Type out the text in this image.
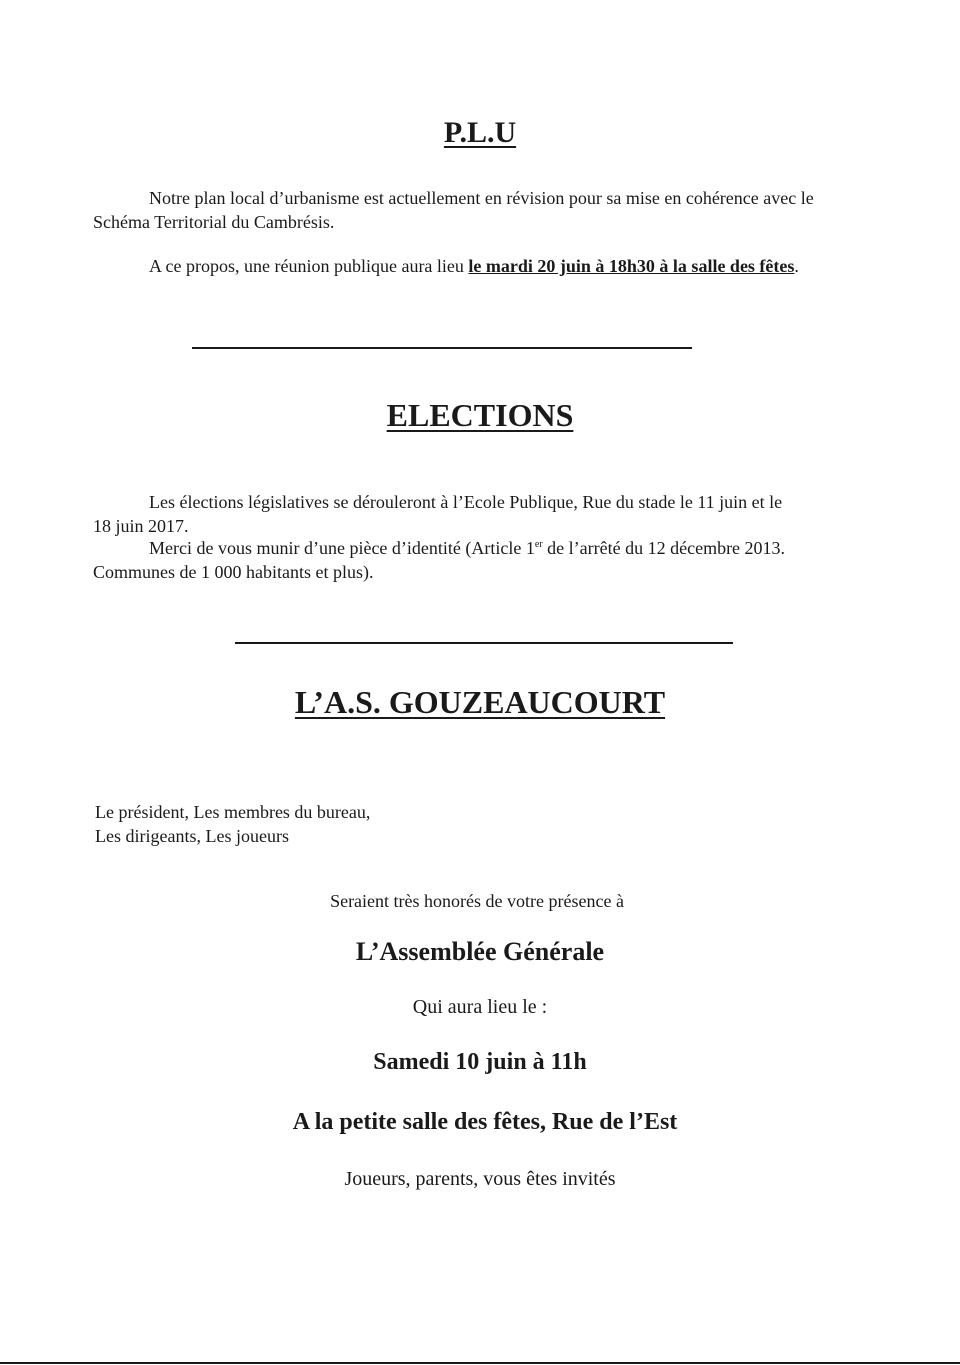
P.L.U
Notre plan local d’urbanisme est actuellement en révision pour sa mise en cohérence avec le
Schéma Territorial du Cambrésis.
A ce propos, une réunion publique aura lieu le mardi 20 juin à 18h30 à la salle des fêtes.
ELECTIONS
Les élections législatives se dérouleront à l’Ecole Publique, Rue du stade le 11 juin et le
18 juin 2017.
Merci de vous munir d’une pièce d’identité (Article 1er de l’arrêté du 12 décembre 2013.
Communes de 1 000 habitants et plus).
L’A.S. GOUZEAUCOURT
Le président, Les membres du bureau,
Les dirigeants, Les joueurs
Seraient très honorés de votre présence à
L’Assemblée Générale
Qui aura lieu le :
Samedi 10 juin à 11h
A la petite salle des fêtes, Rue de l’Est
Joueurs, parents, vous êtes invités
